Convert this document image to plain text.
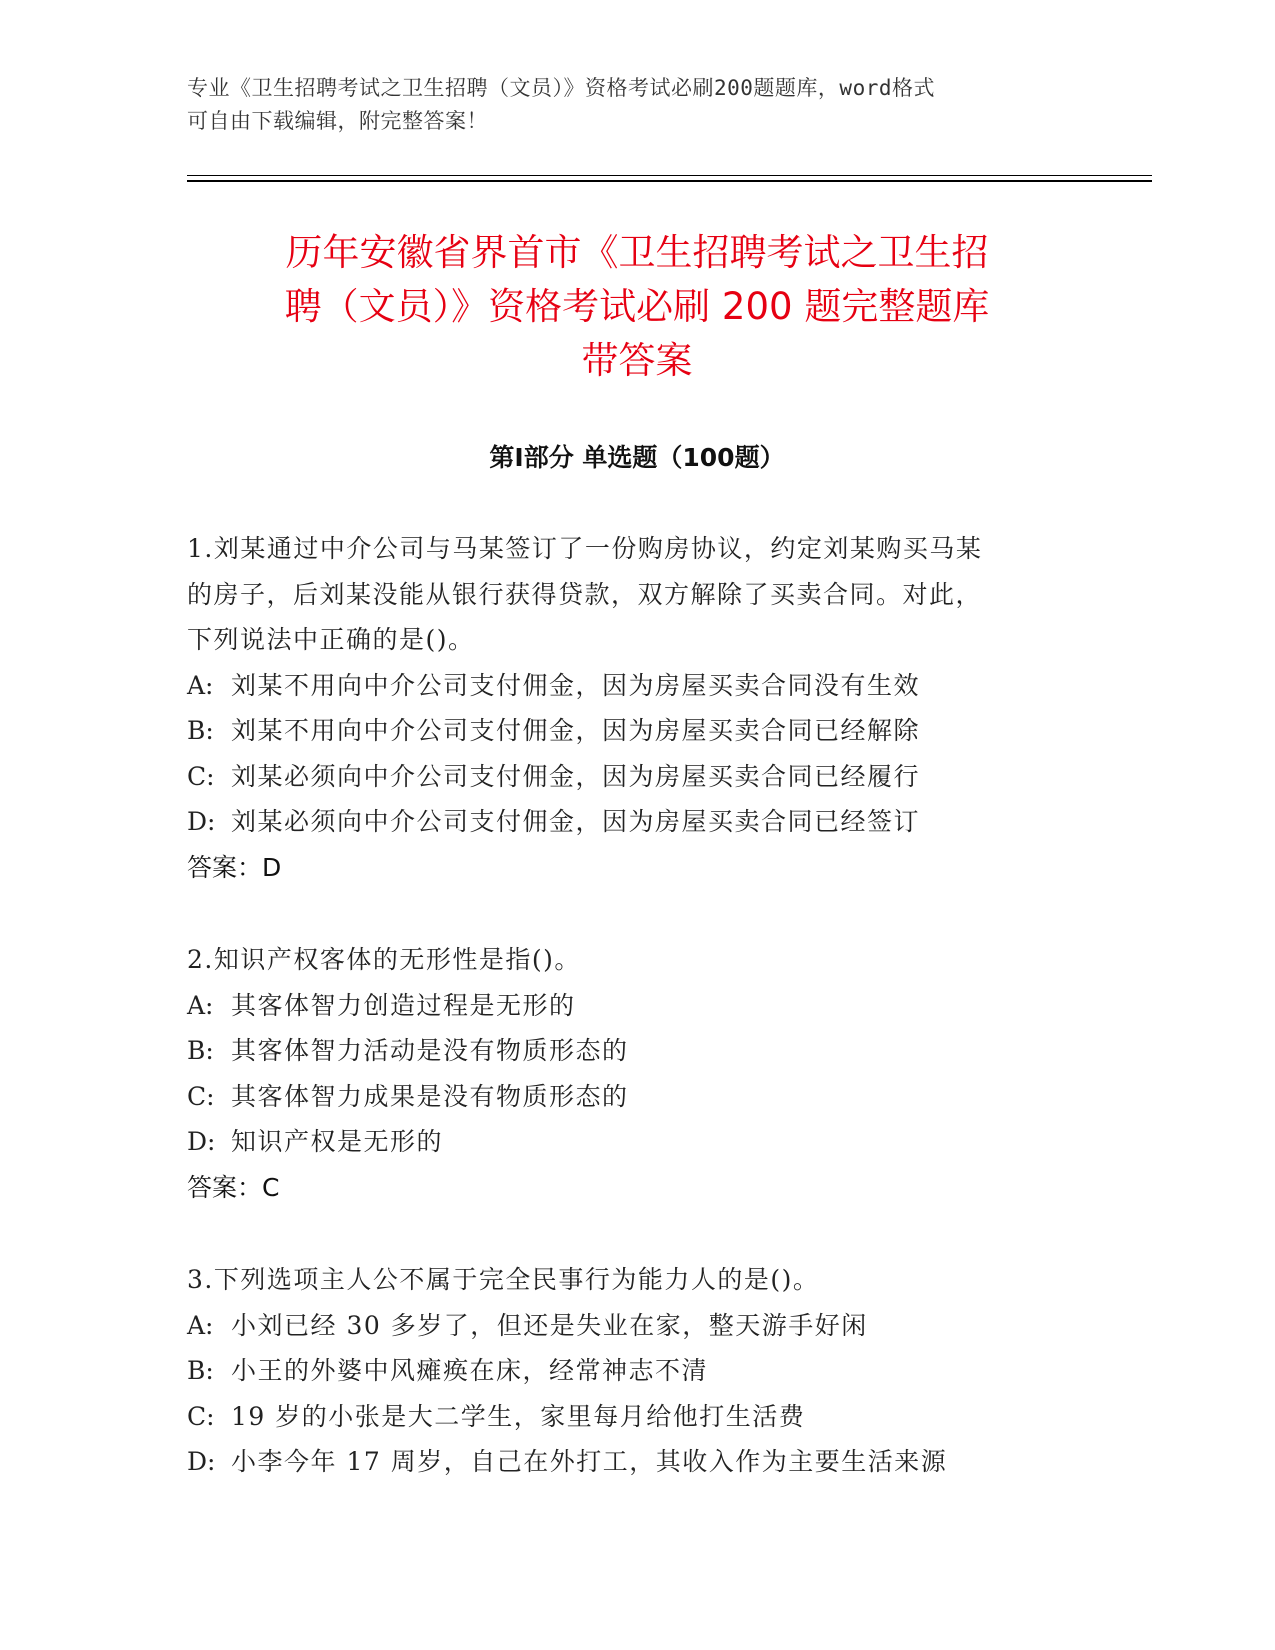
专业《卫生招聘考试之卫生招聘（文员）》资格考试必刷200题题库，word格式
可自由下载编辑，附完整答案！
历年安徽省界首市《卫生招聘考试之卫生招
聘（文员）》资格考试必刷 200 题完整题库
带答案
第Ⅰ部分 单选题（100题）
1.刘某通过中介公司与马某签订了一份购房协议，约定刘某购买马某
的房子，后刘某没能从银行获得贷款，双方解除了买卖合同。对此，
下列说法中正确的是()。
A: 刘某不用向中介公司支付佣金，因为房屋买卖合同没有生效
B: 刘某不用向中介公司支付佣金，因为房屋买卖合同已经解除
C: 刘某必须向中介公司支付佣金，因为房屋买卖合同已经履行
D: 刘某必须向中介公司支付佣金，因为房屋买卖合同已经签订
答案：D
2.知识产权客体的无形性是指()。
A: 其客体智力创造过程是无形的
B: 其客体智力活动是没有物质形态的
C: 其客体智力成果是没有物质形态的
D: 知识产权是无形的
答案：C
3.下列选项主人公不属于完全民事行为能力人的是()。
A: 小刘已经 30 多岁了，但还是失业在家，整天游手好闲
B: 小王的外婆中风瘫痪在床，经常神志不清
C: 19 岁的小张是大二学生，家里每月给他打生活费
D: 小李今年 17 周岁，自己在外打工，其收入作为主要生活来源
